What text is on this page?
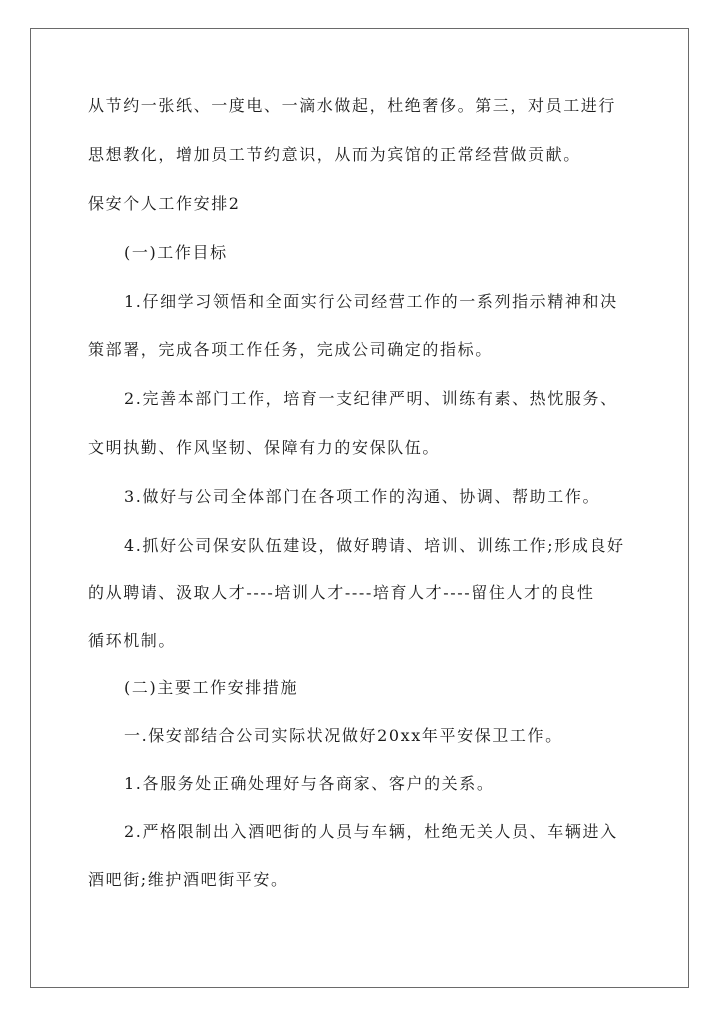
从节约一张纸、一度电、一滴水做起，杜绝奢侈。第三，对员工进行
思想教化，增加员工节约意识，从而为宾馆的正常经营做贡献。
保安个人工作安排2
(一)工作目标
1.仔细学习领悟和全面实行公司经营工作的一系列指示精神和决
策部署，完成各项工作任务，完成公司确定的指标。
2.完善本部门工作，培育一支纪律严明、训练有素、热忱服务、
文明执勤、作风坚韧、保障有力的安保队伍。
3.做好与公司全体部门在各项工作的沟通、协调、帮助工作。
4.抓好公司保安队伍建设，做好聘请、培训、训练工作;形成良好
的从聘请、汲取人才----培训人才----培育人才----留住人才的良性
循环机制。
(二)主要工作安排措施
一.保安部结合公司实际状况做好20xx年平安保卫工作。
1.各服务处正确处理好与各商家、客户的关系。
2.严格限制出入酒吧街的人员与车辆，杜绝无关人员、车辆进入
酒吧街;维护酒吧街平安。
